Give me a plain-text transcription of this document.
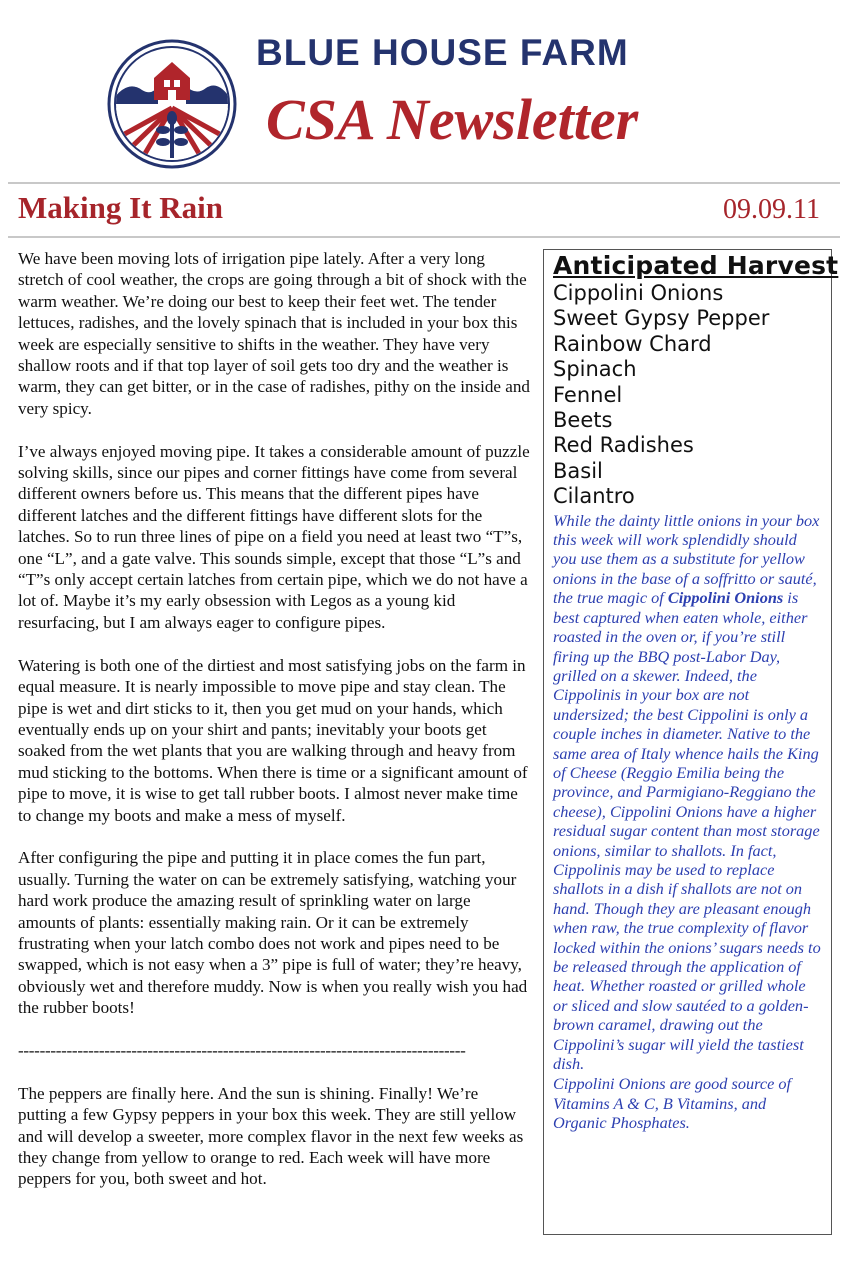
BLUE HOUSE FARM
CSA Newsletter
Making It Rain	09.09.11

We have been moving lots of irrigation pipe lately. After a very long stretch of cool weather, the crops are going through a bit of shock with the warm weather. We’re doing our best to keep their feet wet. The tender lettuces, radishes, and the lovely spinach that is included in your box this week are especially sensitive to shifts in the weather. They have very shallow roots and if that top layer of soil gets too dry and the weather is warm, they can get bitter, or in the case of radishes, pithy on the inside and very spicy.

I’ve always enjoyed moving pipe. It takes a considerable amount of puzzle solving skills, since our pipes and corner fittings have come from several different owners before us. This means that the different pipes have different latches and the different fittings have different slots for the latches. So to run three lines of pipe on a field you need at least two “T”s, one “L”, and a gate valve. This sounds simple, except that those “L”s and “T”s only accept certain latches from certain pipe, which we do not have a lot of. Maybe it’s my early obsession with Legos as a young kid resurfacing, but I am always eager to configure pipes.

Watering is both one of the dirtiest and most satisfying jobs on the farm in equal measure. It is nearly impossible to move pipe and stay clean. The pipe is wet and dirt sticks to it, then you get mud on your hands, which eventually ends up on your shirt and pants; inevitably your boots get soaked from the wet plants that you are walking through and heavy from mud sticking to the bottoms. When there is time or a significant amount of pipe to move, it is wise to get tall rubber boots. I almost never make time to change my boots and make a mess of myself.

After configuring the pipe and putting it in place comes the fun part, usually. Turning the water on can be extremely satisfying, watching your hard work produce the amazing result of sprinkling water on large amounts of plants: essentially making rain. Or it can be extremely frustrating when your latch combo does not work and pipes need to be swapped, which is not easy when a 3” pipe is full of water; they’re heavy, obviously wet and therefore muddy. Now is when you really wish you had the rubber boots!

-----------------------------------------------------------------------------------

The peppers are finally here. And the sun is shining. Finally! We’re putting a few Gypsy peppers in your box this week. They are still yellow and will develop a sweeter, more complex flavor in the next few weeks as they change from yellow to orange to red. Each week will have more peppers for you, both sweet and hot.

Anticipated Harvest
Cippolini Onions
Sweet Gypsy Pepper
Rainbow Chard
Spinach
Fennel
Beets
Red Radishes
Basil
Cilantro
While the dainty little onions in your box this week will work splendidly should you use them as a substitute for yellow onions in the base of a soffritto or sauté, the true magic of Cippolini Onions is best captured when eaten whole, either roasted in the oven or, if you’re still firing up the BBQ post-Labor Day, grilled on a skewer. Indeed, the Cippolinis in your box are not undersized; the best Cippolini is only a couple inches in diameter. Native to the same area of Italy whence hails the King of Cheese (Reggio Emilia being the province, and Parmigiano-Reggiano the cheese), Cippolini Onions have a higher residual sugar content than most storage onions, similar to shallots. In fact, Cippolinis may be used to replace shallots in a dish if shallots are not on hand. Though they are pleasant enough when raw, the true complexity of flavor locked within the onions’ sugars needs to be released through the application of heat. Whether roasted or grilled whole or sliced and slow sautéed to a golden-brown caramel, drawing out the Cippolini’s sugar will yield the tastiest dish.
Cippolini Onions are good source of Vitamins A & C, B Vitamins, and Organic Phosphates.
